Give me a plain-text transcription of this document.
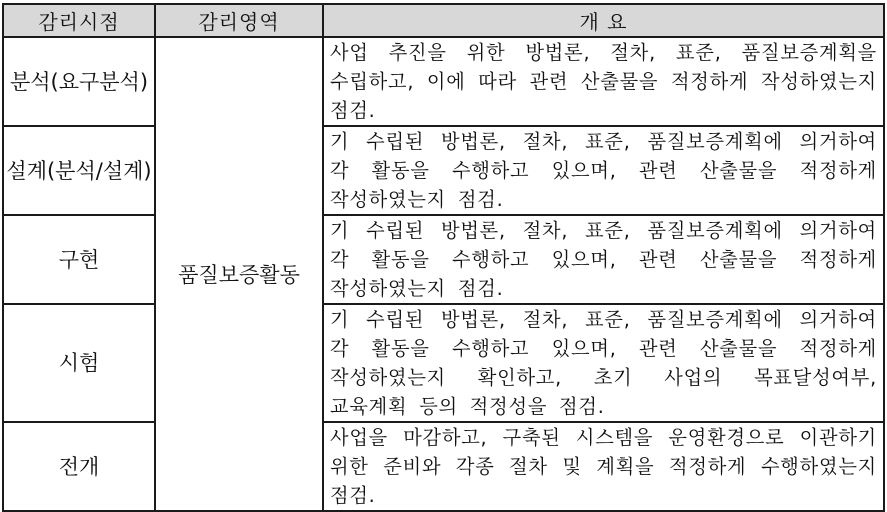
감리시점	감리영역	개 요
분석(요구분석)	품질보증활동	사업 추진을 위한 방법론, 절차, 표준, 품질보증계획을 수립하고, 이에 따라 관련 산출물을 적정하게 작성하였는지 점검.
설계(분석/설계)		기 수립된 방법론, 절차, 표준, 품질보증계획에 의거하여 각 활동을 수행하고 있으며, 관련 산출물을 적정하게 작성하였는지 점검.
구현		기 수립된 방법론, 절차, 표준, 품질보증계획에 의거하여 각 활동을 수행하고 있으며, 관련 산출물을 적정하게 작성하였는지 점검.
시험		기 수립된 방법론, 절차, 표준, 품질보증계획에 의거하여 각 활동을 수행하고 있으며, 관련 산출물을 적정하게 작성하였는지 확인하고, 초기 사업의 목표달성여부, 교육계획 등의 적정성을 점검.
전개		사업을 마감하고, 구축된 시스템을 운영환경으로 이관하기 위한 준비와 각종 절차 및 계획을 적정하게 수행하였는지 점검.
